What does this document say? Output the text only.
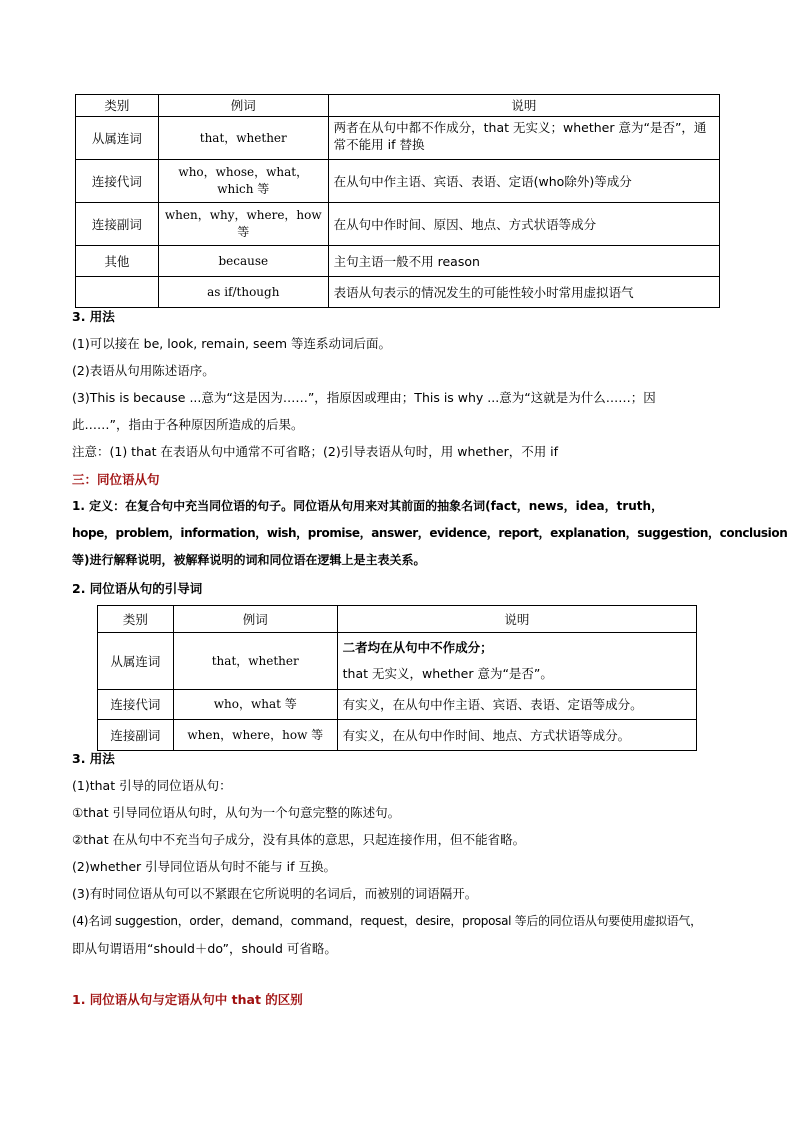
类别	例词	说明
从属连词	that，whether	两者在从句中都不作成分，that 无实义；whether 意为“是否”，通常不能用 if 替换
连接代词	who，whose，what，which 等	在从句中作主语、宾语、表语、定语(who除外)等成分
连接副词	when，why，where，how 等	在从句中作时间、原因、地点、方式状语等成分
其他	because	主句主语一般不用 reason
	as if/though	表语从句表示的情况发生的可能性较小时常用虚拟语气
3. 用法
(1)可以接在 be, look, remain, seem 等连系动词后面。
(2)表语从句用陈述语序。
(3)This is because ...意为“这是因为……”，指原因或理由；This is why ...意为“这就是为什么……；因
此……”，指由于各种原因所造成的后果。
注意：(1) that 在表语从句中通常不可省略；(2)引导表语从句时，用 whether，不用 if
三：同位语从句
1. 定义：在复合句中充当同位语的句子。同位语从句用来对其前面的抽象名词(fact，news，idea，truth，
hope，problem，information，wish，promise，answer，evidence，report，explanation，suggestion，conclusion
等)进行解释说明，被解释说明的词和同位语在逻辑上是主表关系。
2. 同位语从句的引导词
类别	例词	说明
从属连词	that，whether	二者均在从句中不作成分；
that 无实义，whether 意为“是否”。

连接代词	who，what 等	有实义，在从句中作主语、宾语、表语、定语等成分。
连接副词	when，where，how 等	有实义，在从句中作时间、地点、方式状语等成分。
3. 用法
(1)that 引导的同位语从句：
①that 引导同位语从句时，从句为一个句意完整的陈述句。
②that 在从句中不充当句子成分，没有具体的意思，只起连接作用，但不能省略。
(2)whether 引导同位语从句时不能与 if 互换。
(3)有时同位语从句可以不紧跟在它所说明的名词后，而被别的词语隔开。
(4)名词 suggestion，order，demand，command，request，desire，proposal 等后的同位语从句要使用虚拟语气，
即从句谓语用“should＋do”，should 可省略。
1. 同位语从句与定语从句中 that 的区别
